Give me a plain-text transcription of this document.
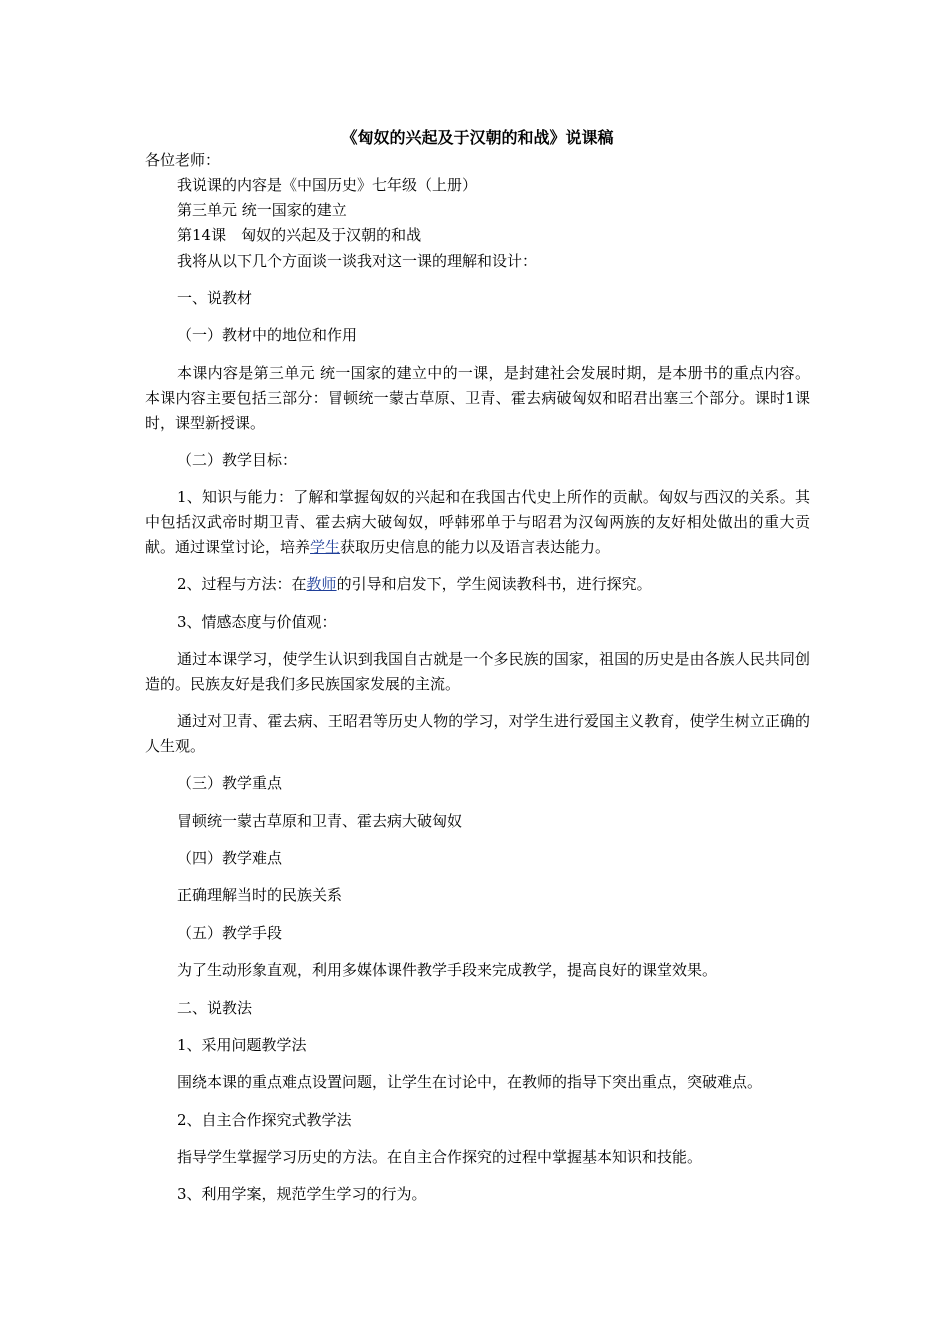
《匈奴的兴起及于汉朝的和战》说课稿

各位老师：

我说课的内容是《中国历史》七年级（上册）

第三单元 统一国家的建立

第14课　匈奴的兴起及于汉朝的和战

我将从以下几个方面谈一谈我对这一课的理解和设计：

一、说教材

（一）教材中的地位和作用

本课内容是第三单元 统一国家的建立中的一课，是封建社会发展时期，是本册书的重点内容。本课内容主要包括三部分：冒顿统一蒙古草原、卫青、霍去病破匈奴和昭君出塞三个部分。课时1课时，课型新授课。

（二）教学目标：

1、知识与能力：了解和掌握匈奴的兴起和在我国古代史上所作的贡献。匈奴与西汉的关系。其中包括汉武帝时期卫青、霍去病大破匈奴，呼韩邪单于与昭君为汉匈两族的友好相处做出的重大贡献。通过课堂讨论，培养学生获取历史信息的能力以及语言表达能力。

2、过程与方法：在教师的引导和启发下，学生阅读教科书，进行探究。

3、情感态度与价值观：

通过本课学习，使学生认识到我国自古就是一个多民族的国家，祖国的历史是由各族人民共同创造的。民族友好是我们多民族国家发展的主流。

通过对卫青、霍去病、王昭君等历史人物的学习，对学生进行爱国主义教育，使学生树立正确的人生观。

（三）教学重点

冒顿统一蒙古草原和卫青、霍去病大破匈奴

（四）教学难点

正确理解当时的民族关系

（五）教学手段

为了生动形象直观，利用多媒体课件教学手段来完成教学，提高良好的课堂效果。

二、说教法

1、采用问题教学法

围绕本课的重点难点设置问题，让学生在讨论中，在教师的指导下突出重点，突破难点。

2、自主合作探究式教学法

指导学生掌握学习历史的方法。在自主合作探究的过程中掌握基本知识和技能。

3、利用学案，规范学生学习的行为。
